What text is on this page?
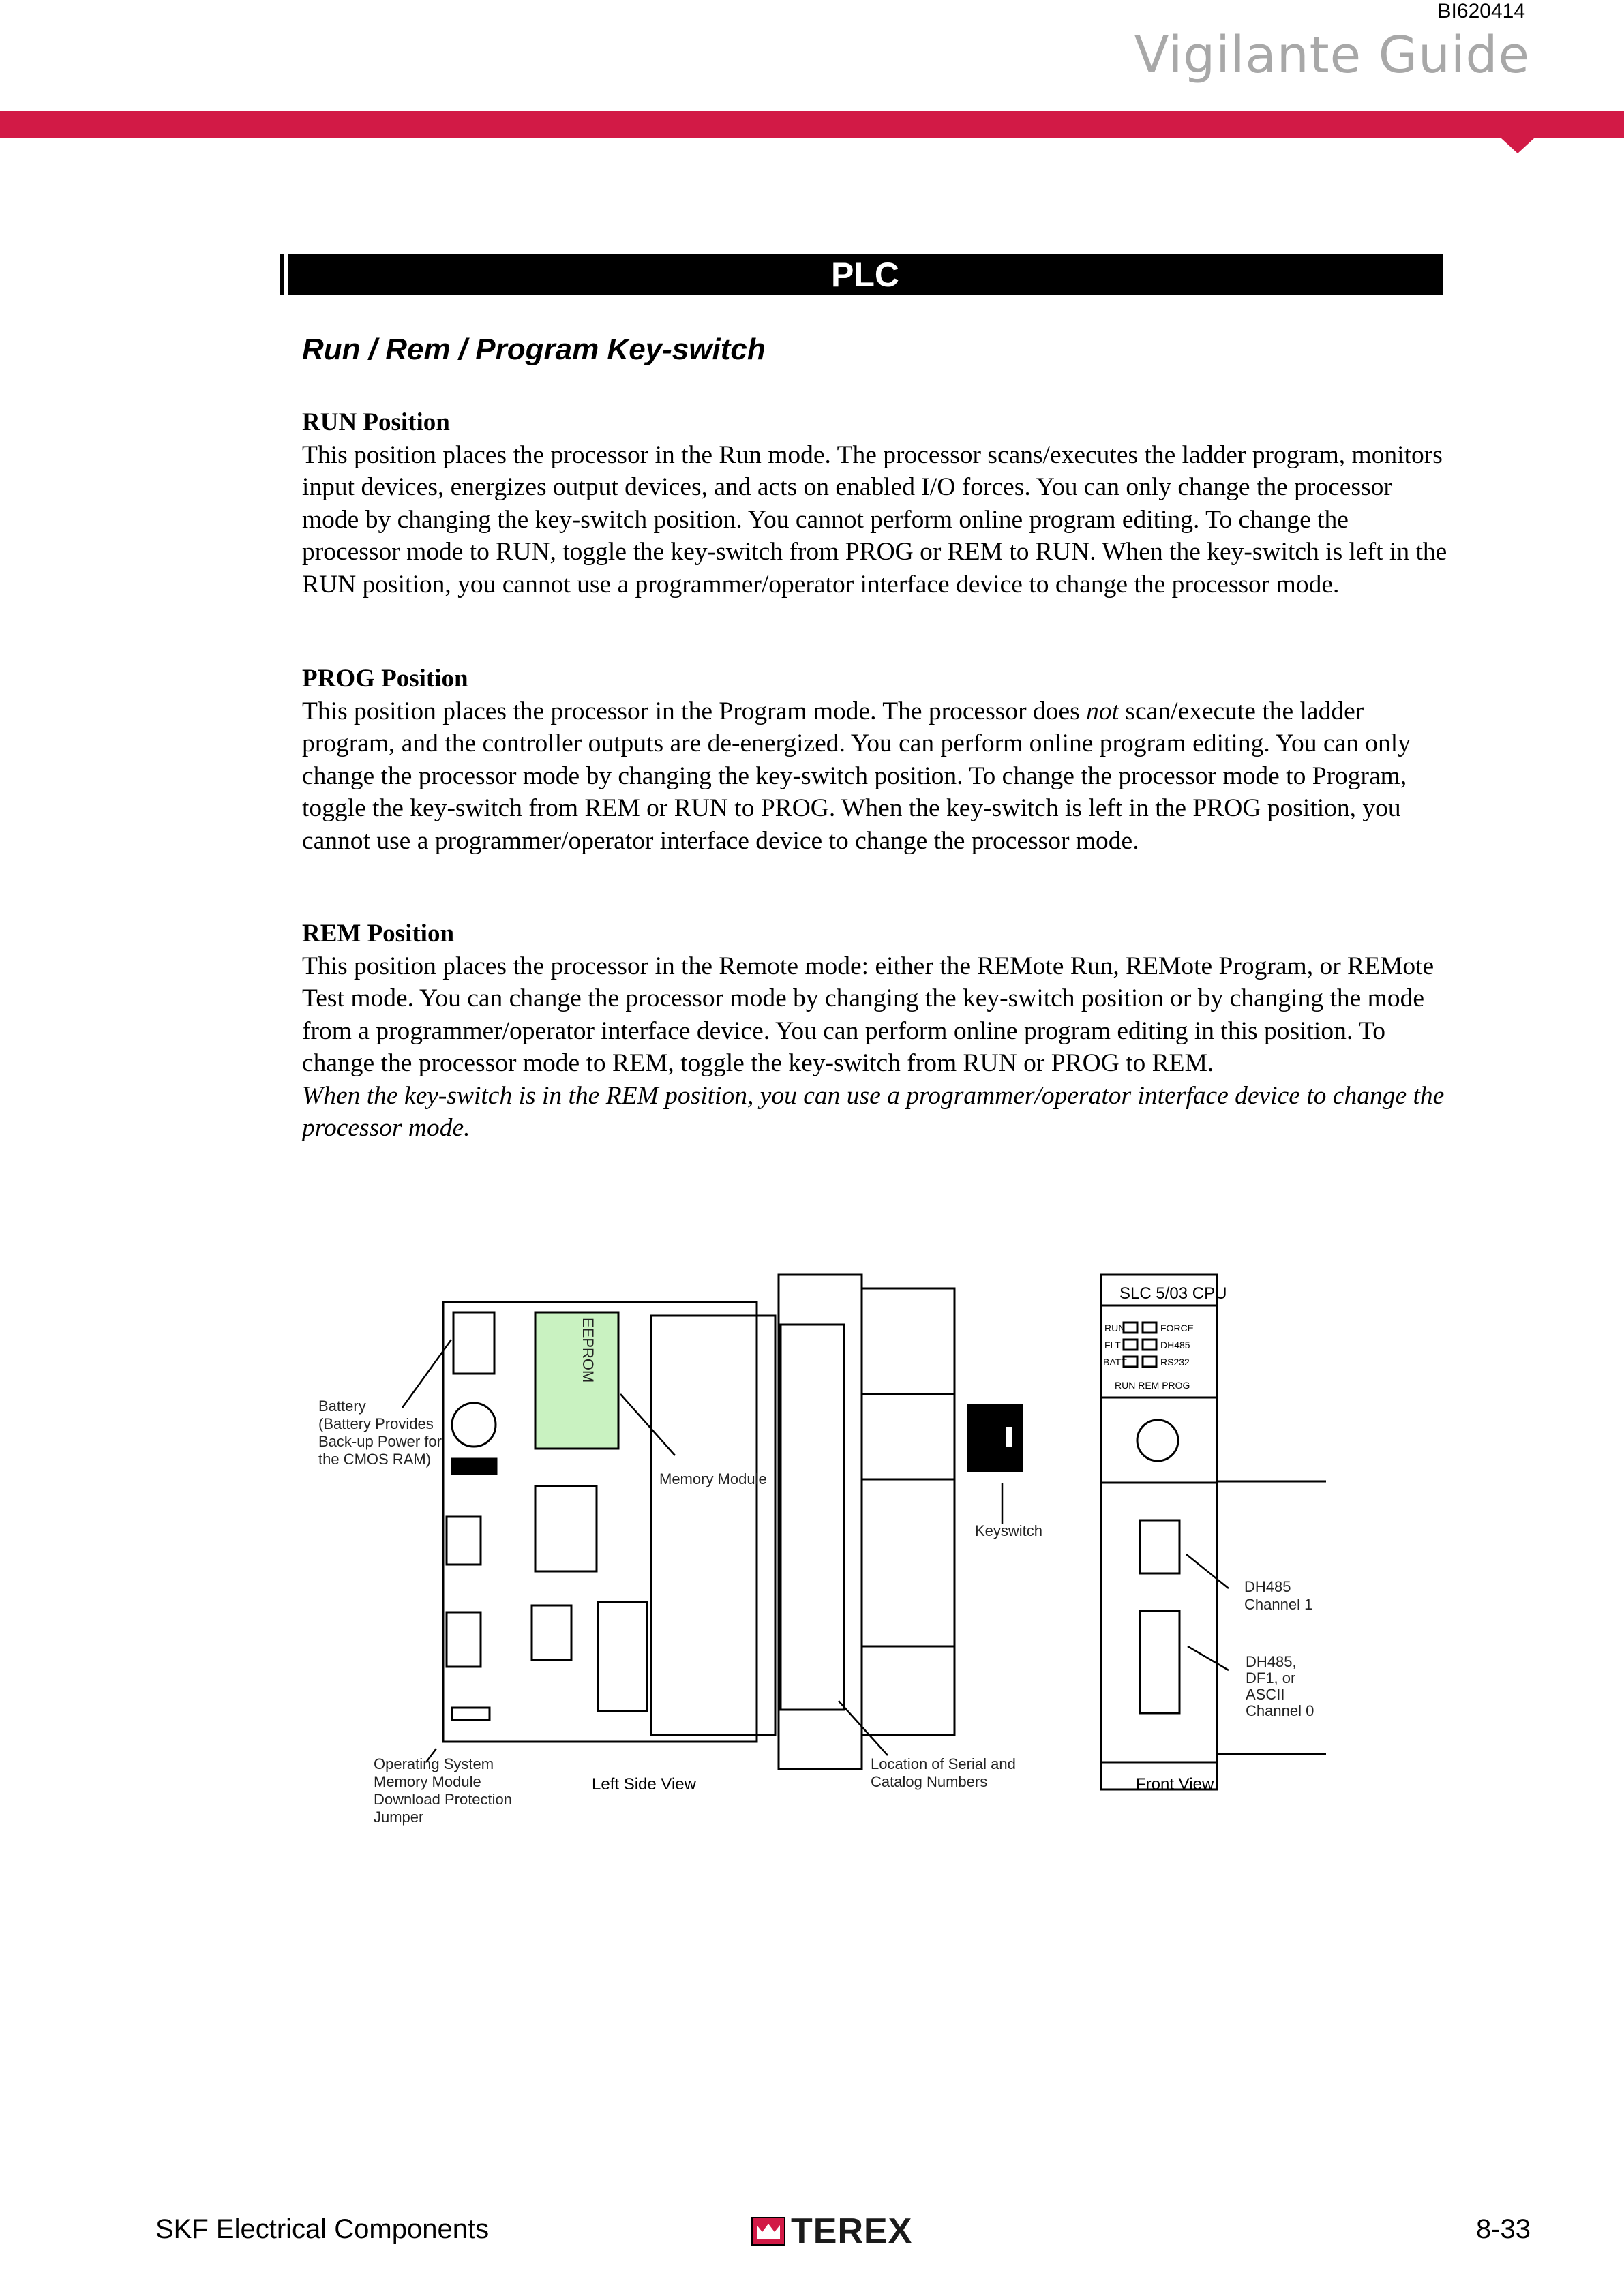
BI620414
Vigilante Guide
PLC
Run / Rem / Program Key-switch
RUN Position

This position places the processor in the Run mode. The processor scans/executes the ladder program, monitors input devices, energizes output devices, and acts on enabled I/O forces. You can only change the processor mode by changing the key-switch position. You cannot perform online program editing. To change the processor mode to RUN, toggle the key-switch from PROG or REM to RUN. When the key-switch is left in the RUN position, you cannot use a programmer/operator interface device to change the processor mode.

PROG Position

This position places the processor in the Program mode. The processor does not scan/execute the ladder program, and the controller outputs are de-energized. You can perform online program editing. You can only change the processor mode by changing the key-switch position. To change the processor mode to Program, toggle the key-switch from REM or RUN to PROG. When the key-switch is left in the PROG position, you cannot use a programmer/operator interface device to change the processor mode.

REM Position

This position places the processor in the Remote mode: either the REMote Run, REMote Program, or REMote Test mode. You can change the processor mode by changing the key-switch position or by changing the mode from a programmer/operator interface device. You can perform online program editing in this position. To change the processor mode to REM, toggle the key-switch from RUN or PROG to REM.

When the key-switch is in the REM position, you can use a programmer/operator interface device to change the processor mode.

EEPROM
Battery (Battery Provides Back-up Power for the CMOS RAM)
Memory Module
Keyswitch
Operating System Memory Module Download Protection Jumper
Left Side View
Location of Serial and Catalog Numbers
SLC 5/03 CPU
RUN
FLT
BATT
FORCE
DH485
RS232
RUN REM PROG
DH485 Channel 1
DH485, DF1, or ASCII Channel 0
Front View
SKF Electrical Components	TEREX	8-33
